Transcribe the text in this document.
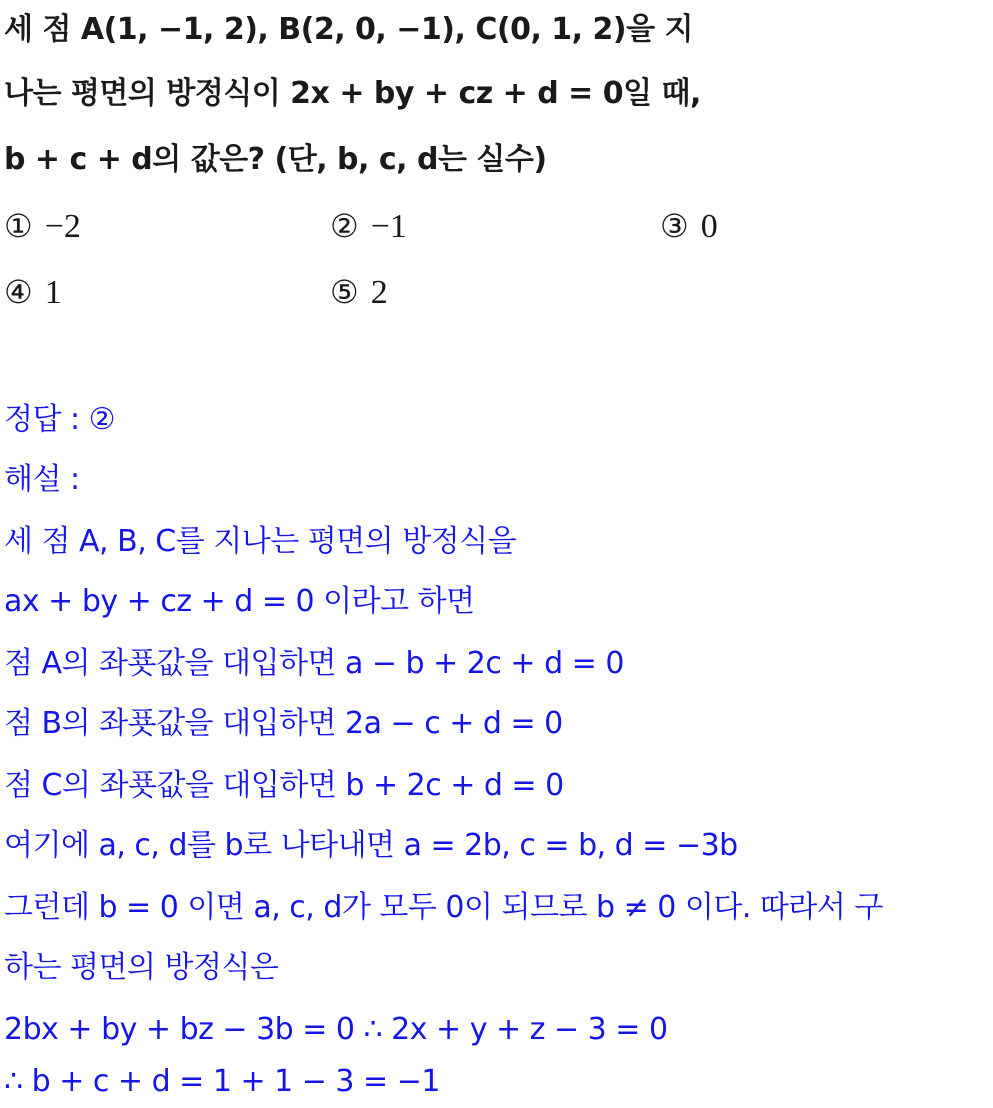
세 점 A(1, −1, 2), B(2, 0, −1), C(0, 1, 2)을 지
나는 평면의 방정식이 2x + by + cz + d = 0일 때,
b + c + d의 값은? (단, b, c, d는 실수)
① −2	② −1	③ 0
④ 1	⑤ 2
정답 : ②
해설 :
세 점 A, B, C를 지나는 평면의 방정식을
ax + by + cz + d = 0 이라고 하면
점 A의 좌푯값을 대입하면 a − b + 2c + d = 0
점 B의 좌푯값을 대입하면 2a − c + d = 0
점 C의 좌푯값을 대입하면 b + 2c + d = 0
여기에 a, c, d를 b로 나타내면 a = 2b, c = b, d = −3b
그런데 b = 0 이면 a, c, d가 모두 0이 되므로 b ≠ 0 이다. 따라서 구
하는 평면의 방정식은
2bx + by + bz − 3b = 0 ∴ 2x + y + z − 3 = 0
∴ b + c + d = 1 + 1 − 3 = −1
